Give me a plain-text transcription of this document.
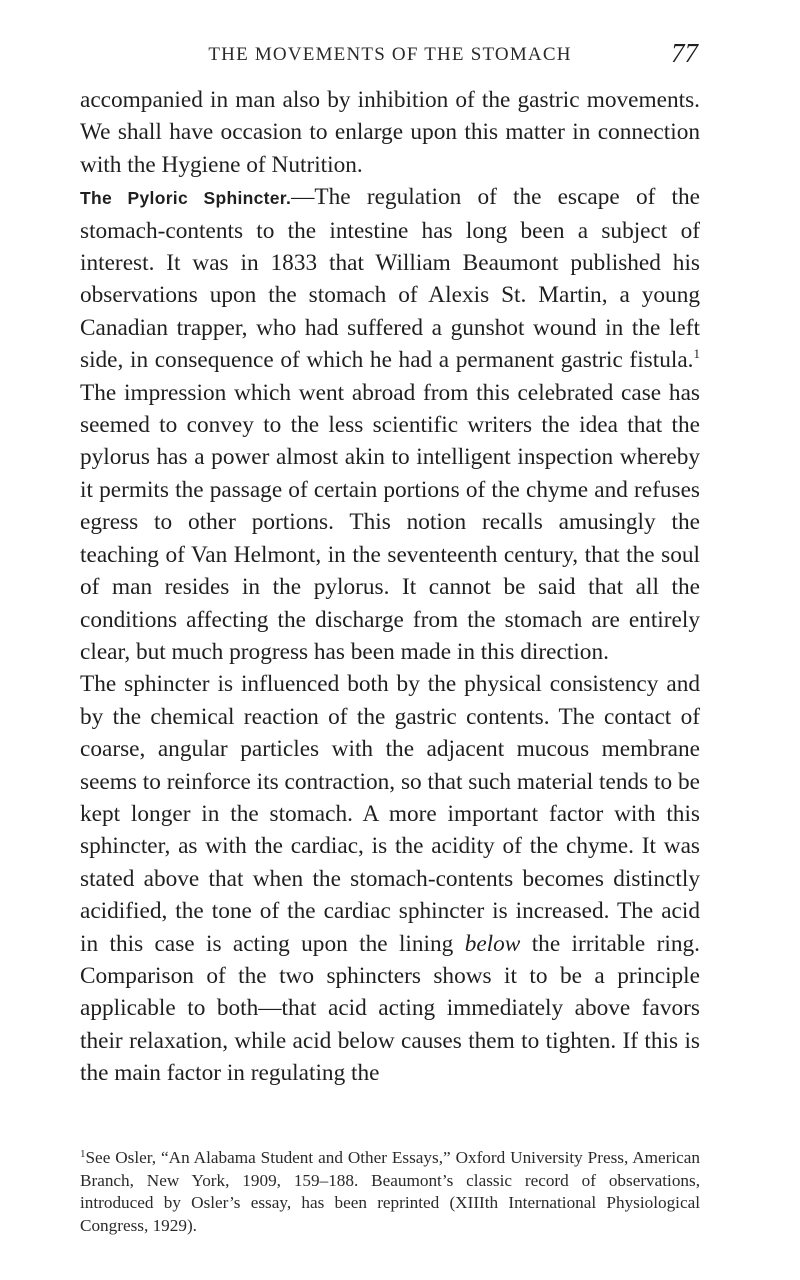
THE MOVEMENTS OF THE STOMACH	77

accompanied in man also by inhibition of the gastric movements. We shall have occasion to enlarge upon this matter in connection with the Hygiene of Nutrition.

The Pyloric Sphincter.—The regulation of the escape of the stomach-contents to the intestine has long been a subject of interest. It was in 1833 that William Beaumont published his observations upon the stomach of Alexis St. Martin, a young Canadian trapper, who had suffered a gunshot wound in the left side, in consequence of which he had a permanent gastric fistula.$^1$ The impression which went abroad from this celebrated case has seemed to convey to the less scientific writers the idea that the pylorus has a power almost akin to intelligent inspection whereby it permits the passage of certain portions of the chyme and refuses egress to other portions. This notion recalls amusingly the teaching of Van Helmont, in the seventeenth century, that the soul of man resides in the pylorus. It cannot be said that all the conditions affecting the discharge from the stomach are entirely clear, but much progress has been made in this direction.

The sphincter is influenced both by the physical consistency and by the chemical reaction of the gastric contents. The contact of coarse, angular particles with the adjacent mucous membrane seems to reinforce its contraction, so that such material tends to be kept longer in the stomach. A more important factor with this sphincter, as with the cardiac, is the acidity of the chyme. It was stated above that when the stomach-contents becomes distinctly acidified, the tone of the cardiac sphincter is increased. The acid in this case is acting upon the lining below the irritable ring. Comparison of the two sphincters shows it to be a principle applicable to both—that acid acting immediately above favors their relaxation, while acid below causes them to tighten. If this is the main factor in regulating the

$^1$See Osler, “An Alabama Student and Other Essays,” Oxford University Press, American Branch, New York, 1909, 159–188. Beaumont’s classic record of observations, introduced by Osler’s essay, has been reprinted (XIIIth International Physiological Congress, 1929).
